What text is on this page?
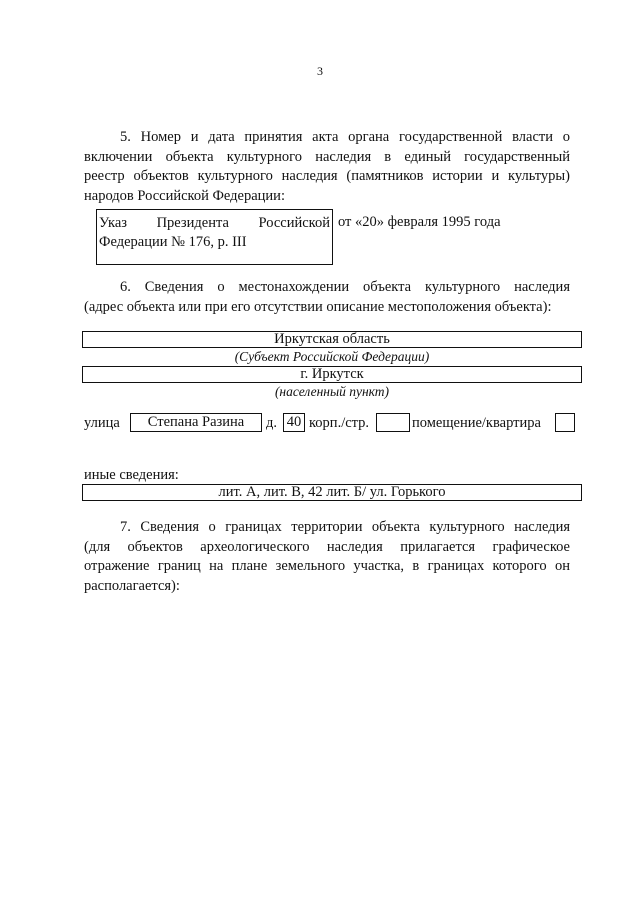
3
5. Номер и дата принятия акта органа государственной власти о
включении объекта культурного наследия в единый государственный
реестр объектов культурного наследия (памятников истории и культуры)
народов Российской Федерации:
Указ Президента Российской
Федерации № 176, р. III
от «20» февраля 1995 года
6. Сведения о местонахождении объекта культурного наследия
(адрес объекта или при его отсутствии описание местоположения объекта):
Иркутская область
(Субъект Российской Федерации)
г. Иркутск
(населенный пункт)
улица	Степана Разина	д. 40 корп./стр.	помещение/квартира
иные сведения:
лит. А, лит. В, 42 лит. Б/ ул. Горького
7. Сведения о границах территории объекта культурного наследия
(для объектов археологического наследия прилагается графическое
отражение границ на плане земельного участка, в границах которого он
располагается):
